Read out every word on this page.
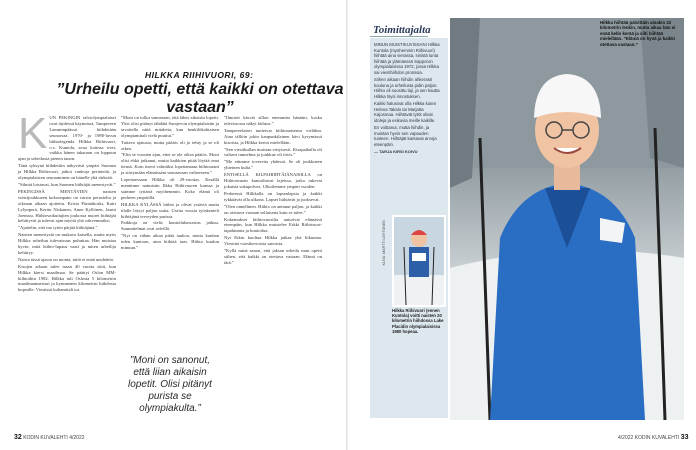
HILKKA RIIHIVUORI, 69:
”Urheilu opetti, että kaikki on otettava vastaan”
K UN PEKINGIN talviolympialaiset ovat täydessä käynnissä, Tampereen Lamminpäässä hiihdetään seuraavaa. 1970- ja 1980-luvun hiihtolegenda Hilkka Riihivuori, o.s. Kuntola, avaa kotinsa ovet, vaikka hänen takaraan on loppuun ajan ja urheilusta pienen tauon.

Tänä syksynä hiihdettiin näkyvästi ympäri Suomea ja Hilkka Riihivuori, jatkoi vanhoja perinteitä, ja olympialaisten seuraaminen on hänelle yhä tärkeää.

”Silmät loistavat, kun Suomen hiihtäjät menestyvät.”

PEKINGISSÄ MENTÄVIEN naisten viestijoukkueen kokoonpano on varsin perusteltu ja oikeaan aikaan ajoitettu. Krista Pärmäkoski, Katri Lylynperä, Kerttu Niskanen, Anne Kyllönen, Jasmi Joensuu. Hiihtovaikuttajien joukossa nuoret hiihtäjät kehittyvät ja tulevat ajan myötä yhä vahvemmiksi.

”Ajattelin, että tuo tytön pärjää hiihtäjänä.”

Naisten menestystä on mukava katsella, mutta myös Hilkka urheilun tulevaisuus puhuttaa. Hän muistaa hyvin, mitä hiihto-lupaus vaati ja miten urheilija kehittyy.

Naisia tässä ajassa on monta, niitä ei enää unohdeta.

Kisojen aikaan tulee tasan 40 vuotta siitä, kun Hilkka kiersi maailmaa. Se päättyi Oslon MM-hiihtoihin 1982. Hilkka tuli Oslosta 5 kilometrin maailmanmestari ja kymmenen kilometrin hiihdosta hopealle. Viestissä kultamitali toi.

”Moni on tullut sanomaan, että lähes aikaisin lopetit. Yksi olisi pitänyt tähdätä Sarajevon olympialaisiin ja tavoitella niitä mitaleita, kun henkilökohtaisen olympiamitali vielä puuttui.”

Tuttava ajatusta, mutta päätös oli jo tehty ja se oli oikea.

”Elin se vuosien ajan, ettei se ole oikea päätös. Moni olisi ehkä jatkanut, mutta kaikkien pitää löytää oma tiensä. Koin itseni valmiiksi lopettamaan hiihtourani ja siirtymään elämässäni seuraavaan vaiheeseen.”

Lopettaessaan Hilkka oli 29-vuotias. Kesällä menimme naimisiin Ilkka Riihivuoren kanssa ja saimme tyttäriä myöhemmin. Koko elämä oli perheen ympärillä.

HILKKA KYLÄSSÄ hiihto ja olivat ystäviä mutta tilalle löytyi paljon uutta. Useita vuosia työskenteli hiihtäjänä terveyden parissa.

Paikkoja on vielä; kuntoiluharrastus jatkuu. Suunnitelmat ovat selvillä.

”Nyt on vähän aikaa pitää taukoa, mutta kunhan tulen kuntoon, aion hiihtää taas. Hiihto kuuluu minuun.”

”Moni on sanonut, että liian aikaisin lopetit. Olisi pitänyt purista se olympiakulta.”

”Ihmiset käsvät sillon enemmän häntäni, koska televisiossa näkyi hiihtoa.”

Tampereelaiset tunteivat hiihtonaisensa vieläkin. Aina tällöin jokin kaupunkilainen kävi kysymässä kisoista, ja Hilkka kertoi mielellään.

”Sen viestikullan muistan erityisesti. Kisapaikalla oli valtava tunnelma ja joukkue oli tiivis.”

”Me ettimme tovereita yhdessä. Se oli joukkueen yhteinen kulta.”

ENTISELLÄ KILPAHIIHTÄJÄNAISILLA on Hiihtoseuran kuntoiltavat lajeissa, jotka tukevat jokaista sukupolvea. Ulkoilemme ympäri vuoden.

Perheessä Hilkkalla on lapsenlapsia ja kaikki tykkäävät olla ulkona. Lapset hiihtävät ja juoksevat.

”Olen onnellinen. Hiihto on antanut paljon, ja kaikki on otettava vastaan sellaisena kuin se tulee.”

Kokemukset hiihtovuosilta auttoivat elämässä eteenpäin, kun Hilkka muistelee Erkki Riihivuori-tapahtumia ja kuntoilua.

Nyt Erkin kuoltua Hilkka jatkaa yhä liikuntaa. Viestinä vuosikerroista sanoista.

”Kyllä minä sanon, että jaksan urheilu mun opetti siihen, että kaikki on otettava vastaan. Elämä on tätä.”

32 KODIN KUVALEHTI 4/2022
Toimittajalta

MINUN MUISTIKUVISSANI Hilkka Kuntola (myöhemmin Riihivuori) hiihtää aina vierassa, sinistä lunta hiihtää ja ylämäessä Sapporon olympialaisissa 1972, jossa Hilkka sai viestihiihdon pronssia.

Siihen aikaan hiihdin ahkerasti kouluna ja urheilusta pidin paljon. Hiihto oli suosittu laji, ja sen kautta Hilkka löysi innostuksen.

Kaikki halusivat olla Hilkka kuten Helena Takalo tai Marjatta Kajosmaa. Hiihtävät tytöt olivat idoleja ja esikuvia meille kaikille.

En voittanut, mutta hiihdin, ja muistan hyvin sen vapauden tunteen. Hiihtäjät kantavat arvoja eteenpäin.

— TARJA KIRSI KOIVU

Hilkka hiihtää päivittäin ainakin 22 kilometrin lenkin, mutta aikaa hän ei enää kello kerää ja silti hiihtää mielellään. ”Elämä on hyvä ja kaikki otettava vastaan.”
Hilkka Riihivuori (ennen Kuntola) voitti naisten 20 kilometrin hiihdossa Lake Placidin olympialaisissa 1980 hopeaa.
KUVA: MARTTI LEHTONEN
4/2022 KODIN KUVALEHTI 33
